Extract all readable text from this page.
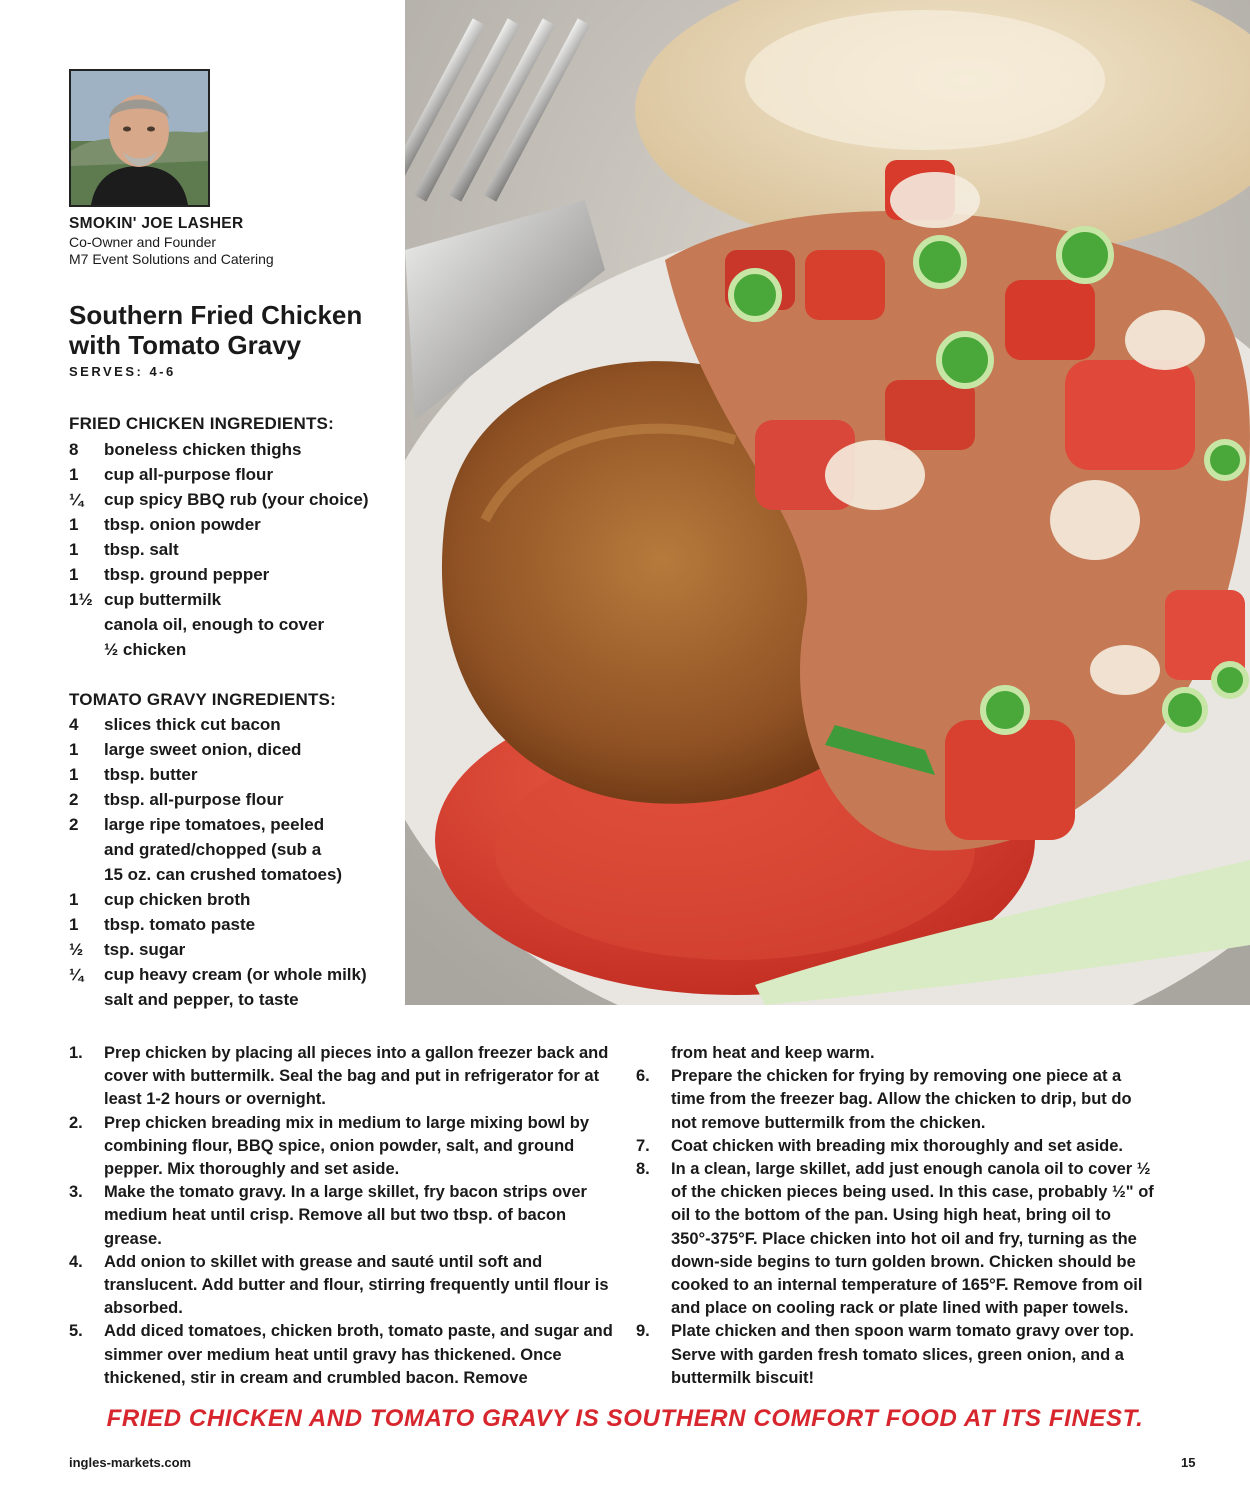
SMOKIN' JOE LASHER
Co-Owner and Founder
M7 Event Solutions and Catering
Southern Fried Chicken
with Tomato Gravy
SERVES: 4-6
FRIED CHICKEN INGREDIENTS:
8	boneless chicken thighs
1	cup all-purpose flour
¼	cup spicy BBQ rub (your choice)
1	tbsp. onion powder
1	tbsp. salt
1	tbsp. ground pepper
1½ cup buttermilk
canola oil, enough to cover
½ chicken
TOMATO GRAVY INGREDIENTS:
4	slices thick cut bacon
1	large sweet onion, diced
1	tbsp. butter
2	tbsp. all-purpose flour
2	large ripe tomatoes, peeled
and grated/chopped (sub a
15 oz. can crushed tomatoes)
1	cup chicken broth
1	tbsp. tomato paste
½	tsp. sugar
¼	cup heavy cream (or whole milk)
salt and pepper, to taste
1.	Prep chicken by placing all pieces into a gallon freezer back and cover with buttermilk. Seal the bag and put in refrigerator for at least 1-2 hours or overnight.
2.	Prep chicken breading mix in medium to large mixing bowl by combining flour, BBQ spice, onion powder, salt, and ground pepper. Mix thoroughly and set aside.
3.	Make the tomato gravy. In a large skillet, fry bacon strips over medium heat until crisp. Remove all but two tbsp. of bacon grease.
4.	Add onion to skillet with grease and sauté until soft and translucent. Add butter and flour, stirring frequently until flour is absorbed.
5.	Add diced tomatoes, chicken broth, tomato paste, and sugar and simmer over medium heat until gravy has thickened. Once thickened, stir in cream and crumbled bacon. Remove
from heat and keep warm.
6.	Prepare the chicken for frying by removing one piece at a time from the freezer bag. Allow the chicken to drip, but do not remove buttermilk from the chicken.
7.	Coat chicken with breading mix thoroughly and set aside.
8.	In a clean, large skillet, add just enough canola oil to cover ½ of the chicken pieces being used. In this case, probably ½" of oil to the bottom of the pan. Using high heat, bring oil to 350°-375°F. Place chicken into hot oil and fry, turning as the down-side begins to turn golden brown. Chicken should be cooked to an internal temperature of 165°F. Remove from oil and place on cooling rack or plate lined with paper towels.
9.	Plate chicken and then spoon warm tomato gravy over top. Serve with garden fresh tomato slices, green onion, and a buttermilk biscuit!
FRIED CHICKEN AND TOMATO GRAVY IS SOUTHERN COMFORT FOOD AT ITS FINEST.
ingles-markets.com	15
